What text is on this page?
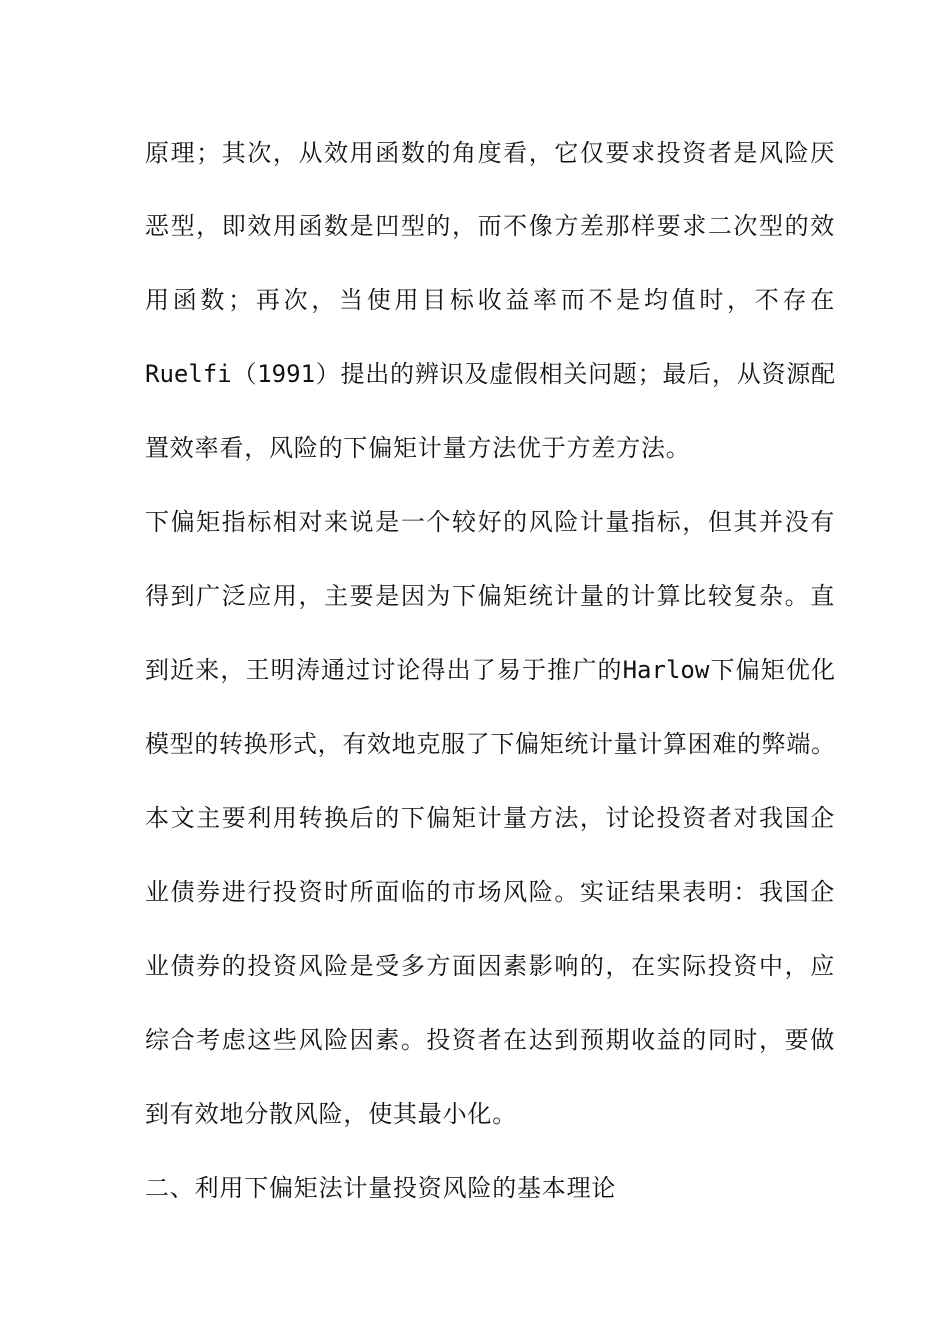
原理；其次，从效用函数的角度看，它仅要求投资者是风险厌

恶型，即效用函数是凹型的，而不像方差那样要求二次型的效

用函数；再次，当使用目标收益率而不是均值时，不存在

Ruelfi（1991）提出的辨识及虚假相关问题；最后，从资源配

置效率看，风险的下偏矩计量方法优于方差方法。

下偏矩指标相对来说是一个较好的风险计量指标，但其并没有

得到广泛应用，主要是因为下偏矩统计量的计算比较复杂。直

到近来，王明涛通过讨论得出了易于推广的Harlow下偏矩优化

模型的转换形式，有效地克服了下偏矩统计量计算困难的弊端。

本文主要利用转换后的下偏矩计量方法，讨论投资者对我国企

业债券进行投资时所面临的市场风险。实证结果表明：我国企

业债券的投资风险是受多方面因素影响的，在实际投资中，应

综合考虑这些风险因素。投资者在达到预期收益的同时，要做

到有效地分散风险，使其最小化。

二、利用下偏矩法计量投资风险的基本理论
